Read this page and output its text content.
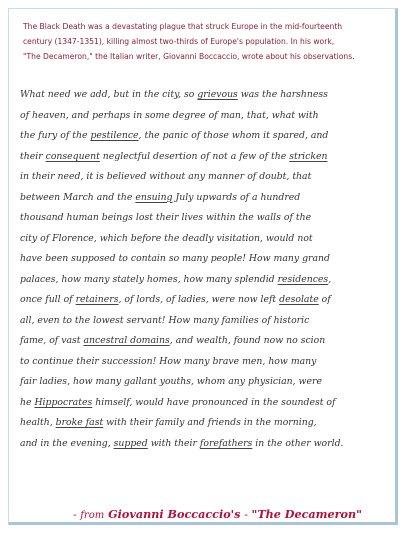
The Black Death was a devastating plague that struck Europe in the mid-fourteenth
century (1347-1351), killing almost two-thirds of Europe's population. In his work,
"The Decameron," the Italian writer, Giovanni Boccaccio, wrote about his observations.

What need we add, but in the city, so grievous was the harshness
of heaven, and perhaps in some degree of man, that, what with
the fury of the pestilence, the panic of those whom it spared, and
their consequent neglectful desertion of not a few of the stricken
in their need, it is believed without any manner of doubt, that
between March and the ensuing July upwards of a hundred
thousand human beings lost their lives within the walls of the
city of Florence, which before the deadly visitation, would not
have been supposed to contain so many people! How many grand
palaces, how many stately homes, how many splendid residences,
once full of retainers, of lords, of ladies, were now left desolate of
all, even to the lowest servant! How many families of historic
fame, of vast ancestral domains, and wealth, found now no scion
to continue their succession! How many brave men, how many
fair ladies, how many gallant youths, whom any physician, were
he Hippocrates himself, would have pronounced in the soundest of
health, broke fast with their family and friends in the morning,
and in the evening, supped with their forefathers in the other world.

- from Giovanni Boccaccio's - "The Decameron"
